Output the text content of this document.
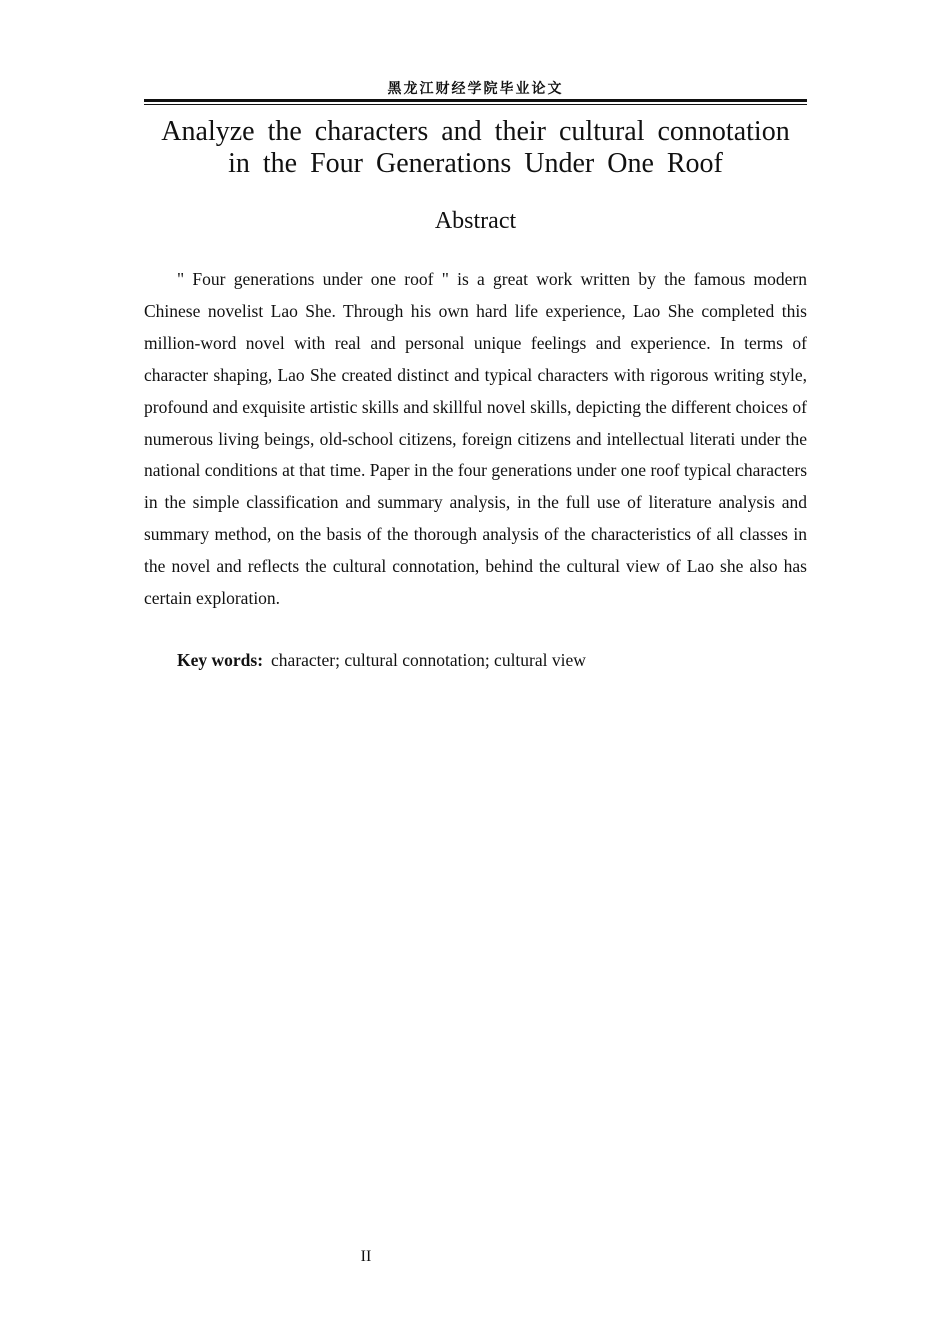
黑龙江财经学院毕业论文
Analyze the characters and their cultural connotation in the Four Generations Under One Roof
Abstract

" Four generations under one roof " is a great work written by the famous modern Chinese novelist Lao She. Through his own hard life experience, Lao She completed this million-word novel with real and personal unique feelings and experience. In terms of character shaping, Lao She created distinct and typical characters with rigorous writing style, profound and exquisite artistic skills and skillful novel skills, depicting the different choices of numerous living beings, old-school citizens, foreign citizens and intellectual literati under the national conditions at that time. Paper in the four generations under one roof typical characters in the simple classification and summary analysis, in the full use of literature analysis and summary method, on the basis of the thorough analysis of the characteristics of all classes in the novel and reflects the cultural connotation, behind the cultural view of Lao she also has certain exploration.

Key words: character; cultural connotation; cultural view

II
